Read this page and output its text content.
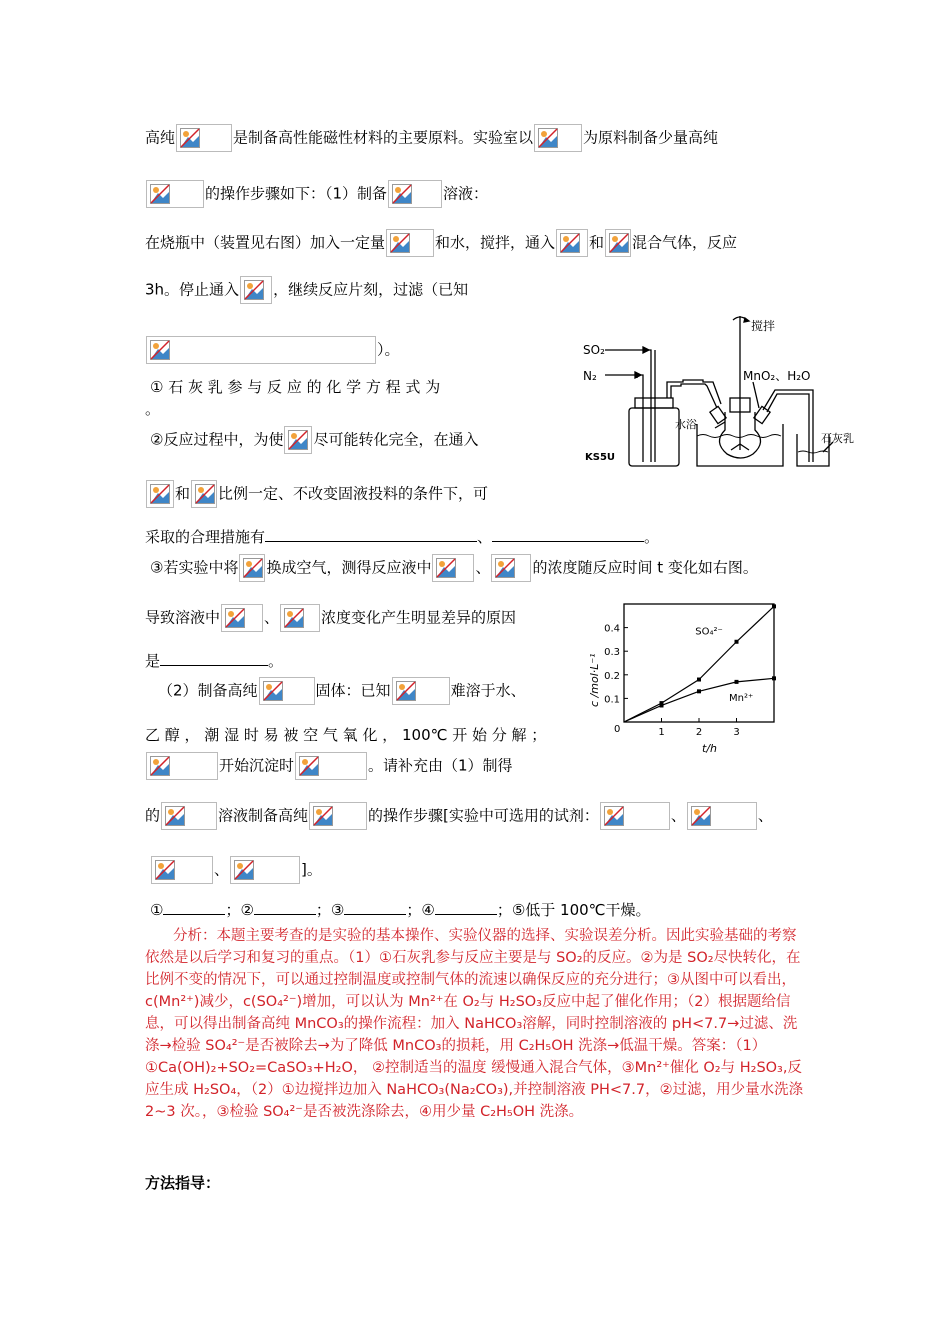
高纯	是制备高性能磁性材料的主要原料。实验室以	为原料制备少量高纯
的操作步骤如下：（1）制备	溶液：
在烧瓶中（装置见右图）加入一定量	和水，搅拌，通入 和 混合气体，反应
3h。停止通入 ，继续反应片刻，过滤（已知
）。
① 石 灰 乳 参 与 反 应 的 化 学 方 程 式 为
。
②反应过程中，为使 尽可能转化完全，在通入
和 比例一定、不改变固液投料的条件下，可
采取的合理措施有	、	。
③若实验中将 换成空气，测得反应液中	、	的浓度随反应时间 t 变化如右图。
导致溶液中	、	浓度变化产生明显差异的原因
是	。
（2）制备高纯	固体：已知	难溶于水、
乙 醇 ， 潮 湿 时 易 被 空 气 氧 化 ， 100℃ 开 始 分 解 ；
开始沉淀时	。请补充由（1）制得
的	溶液制备高纯	的操作步骤[实验中可选用的试剂：	、	、
、	]。
①	；②	；③	；④	；⑤低于 100℃干燥。
分析：本题主要考查的是实验的基本操作、实验仪器的选择、实验误差分析。因此实验基础的考察依然是以后学习和复习的重点。（1）①石灰乳参与反应主要是与 SO₂的反应。②为是 SO₂尽快转化，在比例不变的情况下，可以通过控制温度或控制气体的流速以确保反应的充分进行；③从图中可以看出，c(Mn²⁺)减少，c(SO₄²⁻)增加，可以认为 Mn²⁺在 O₂与 H₂SO₃反应中起了催化作用；（2）根据题给信息，可以得出制备高纯 MnCO₃的操作流程：加入 NaHCO₃溶解，同时控制溶液的 pH<7.7→过滤、洗涤→检验 SO₄²⁻是否被除去→为了降低 MnCO₃的损耗，用 C₂H₅OH 洗涤→低温干燥。答案：（1）①Ca(OH)₂+SO₂=CaSO₃+H₂O， ②控制适当的温度 缓慢通入混合气体，③Mn²⁺催化 O₂与 H₂SO₃,反应生成 H₂SO₄，（2）①边搅拌边加入 NaHCO₃(Na₂CO₃),并控制溶液 PH<7.7，②过滤，用少量水洗涤 2~3 次。，③检验 SO₄²⁻是否被洗涤除去，④用少量 C₂H₅OH 洗涤。
方法指导：
SO₂
N₂
搅拌
MnO₂、H₂O
水浴
石灰乳
KS5U
0.1
0.2
0.3
0.4
1	2	3
SO₄²⁻
Mn²⁺
c /mol·L⁻¹
t/h
0
